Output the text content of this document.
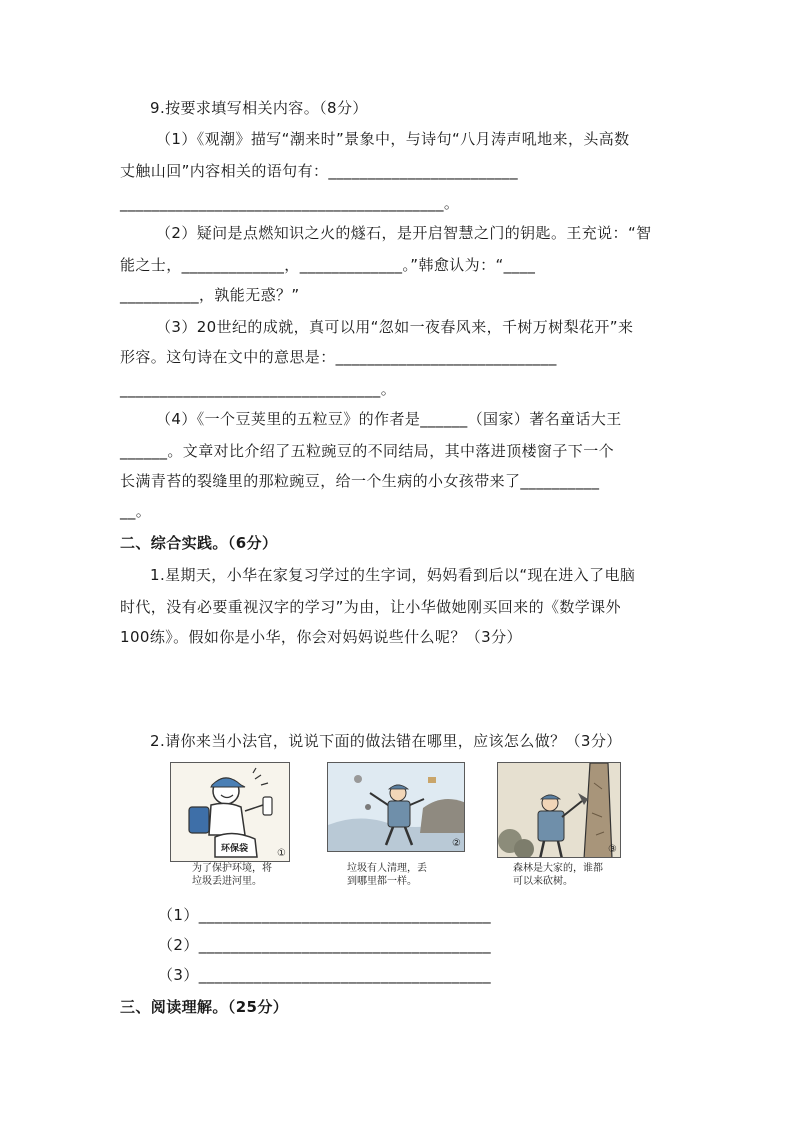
9.按要求填写相关内容。（8分）
（1）《观潮》描写“潮来时”景象中，与诗句“八月涛声吼地来，头高数
丈触山回”内容相关的语句有：________________________
_________________________________________。
（2）疑问是点燃知识之火的燧石，是开启智慧之门的钥匙。王充说：“智
能之士，_____________，_____________。”韩愈认为：“____
__________，孰能无惑？”
（3）20世纪的成就，真可以用“忽如一夜春风来，千树万树梨花开”来
形容。这句诗在文中的意思是：____________________________
_________________________________。
（4）《一个豆荚里的五粒豆》的作者是______（国家）著名童话大王
______。文章对比介绍了五粒豌豆的不同结局，其中落进顶楼窗子下一个
长满青苔的裂缝里的那粒豌豆，给一个生病的小女孩带来了__________
__。
二、综合实践。（6分）
1.星期天，小华在家复习学过的生字词，妈妈看到后以“现在进入了电脑
时代，没有必要重视汉字的学习”为由，让小华做她刚买回来的《数学课外
100练》。假如你是小华，你会对妈妈说些什么呢？（3分）
2.请你来当小法官，说说下面的做法错在哪里，应该怎么做？（3分）
环保袋	①
为了保护环境，将
垃圾丢进河里。
②
垃圾有人清理，丢
到哪里都一样。
③
森林是大家的，谁都
可以来砍树。
（1）_____________________________________
（2）_____________________________________
（3）_____________________________________
三、阅读理解。（25分）
